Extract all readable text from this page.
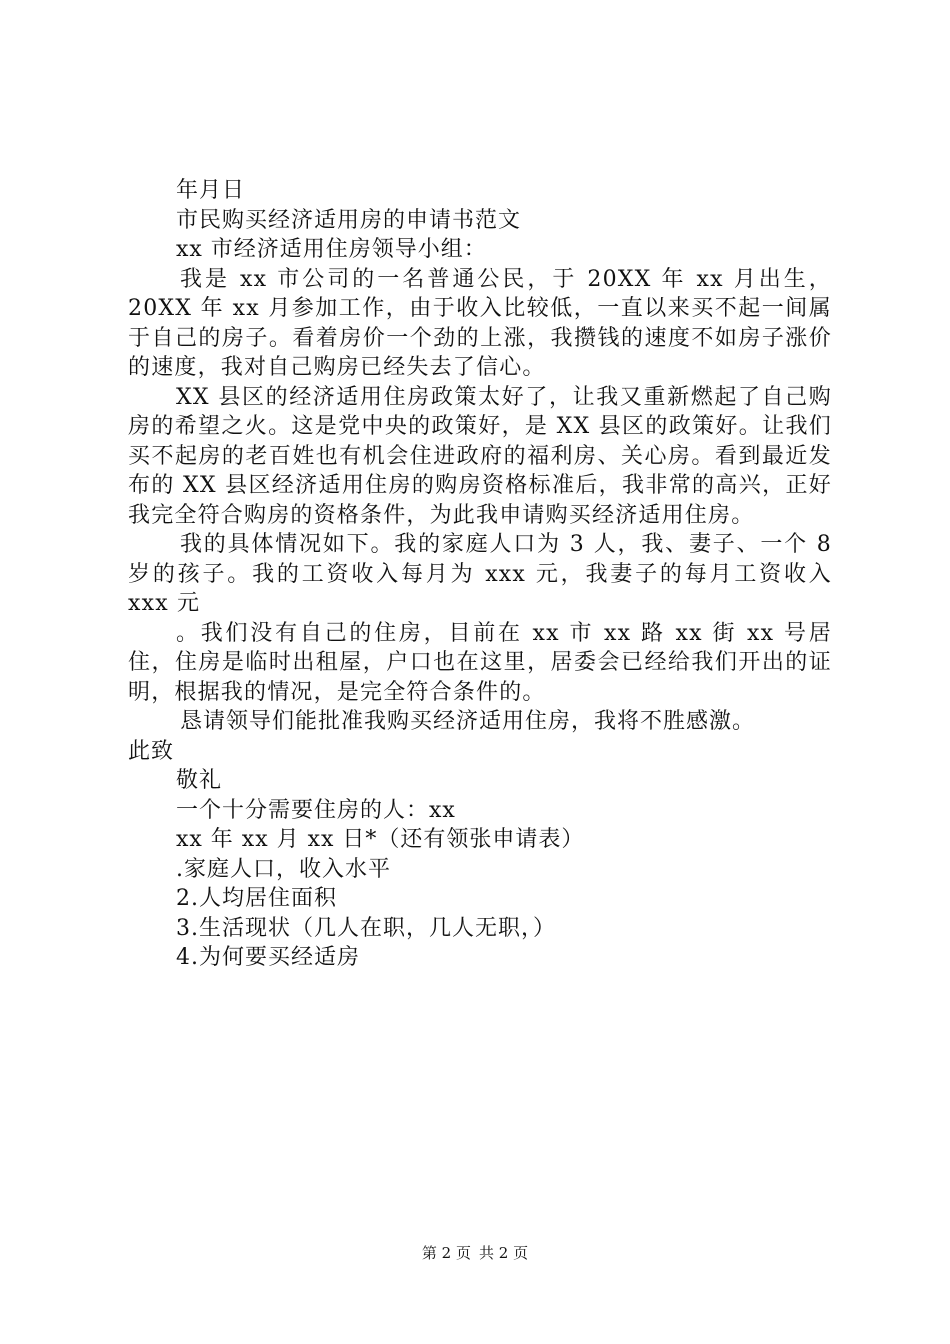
年月日
市民购买经济适用房的申请书范文
xx 市经济适用住房领导小组：
我是 xx 市公司的一名普通公民，于 20XX 年 xx 月出生，20XX 年 xx 月参加工作，由于收入比较低，一直以来买不起一间属于自己的房子。看着房价一个劲的上涨，我攒钱的速度不如房子涨价的速度，我对自己购房已经失去了信心。
XX 县区的经济适用住房政策太好了，让我又重新燃起了自己购房的希望之火。这是党中央的政策好，是 XX 县区的政策好。让我们买不起房的老百姓也有机会住进政府的福利房、关心房。看到最近发布的 XX 县区经济适用住房的购房资格标准后，我非常的高兴，正好我完全符合购房的资格条件，为此我申请购买经济适用住房。
我的具体情况如下。我的家庭人口为 3 人，我、妻子、一个 8 岁的孩子。我的工资收入每月为 xxx 元，我妻子的每月工资收入 xxx 元
。我们没有自己的住房，目前在 xx 市 xx 路 xx 街 xx 号居住，住房是临时出租屋，户口也在这里，居委会已经给我们开出的证明，根据我的情况，是完全符合条件的。
恳请领导们能批准我购买经济适用住房，我将不胜感激。
此致
敬礼
一个十分需要住房的人：xx
xx 年 xx 月 xx 日*（还有领张申请表）
.家庭人口，收入水平
2.人均居住面积
3.生活现状（几人在职，几人无职，）
4.为何要买经适房
第 2 页 共 2 页
